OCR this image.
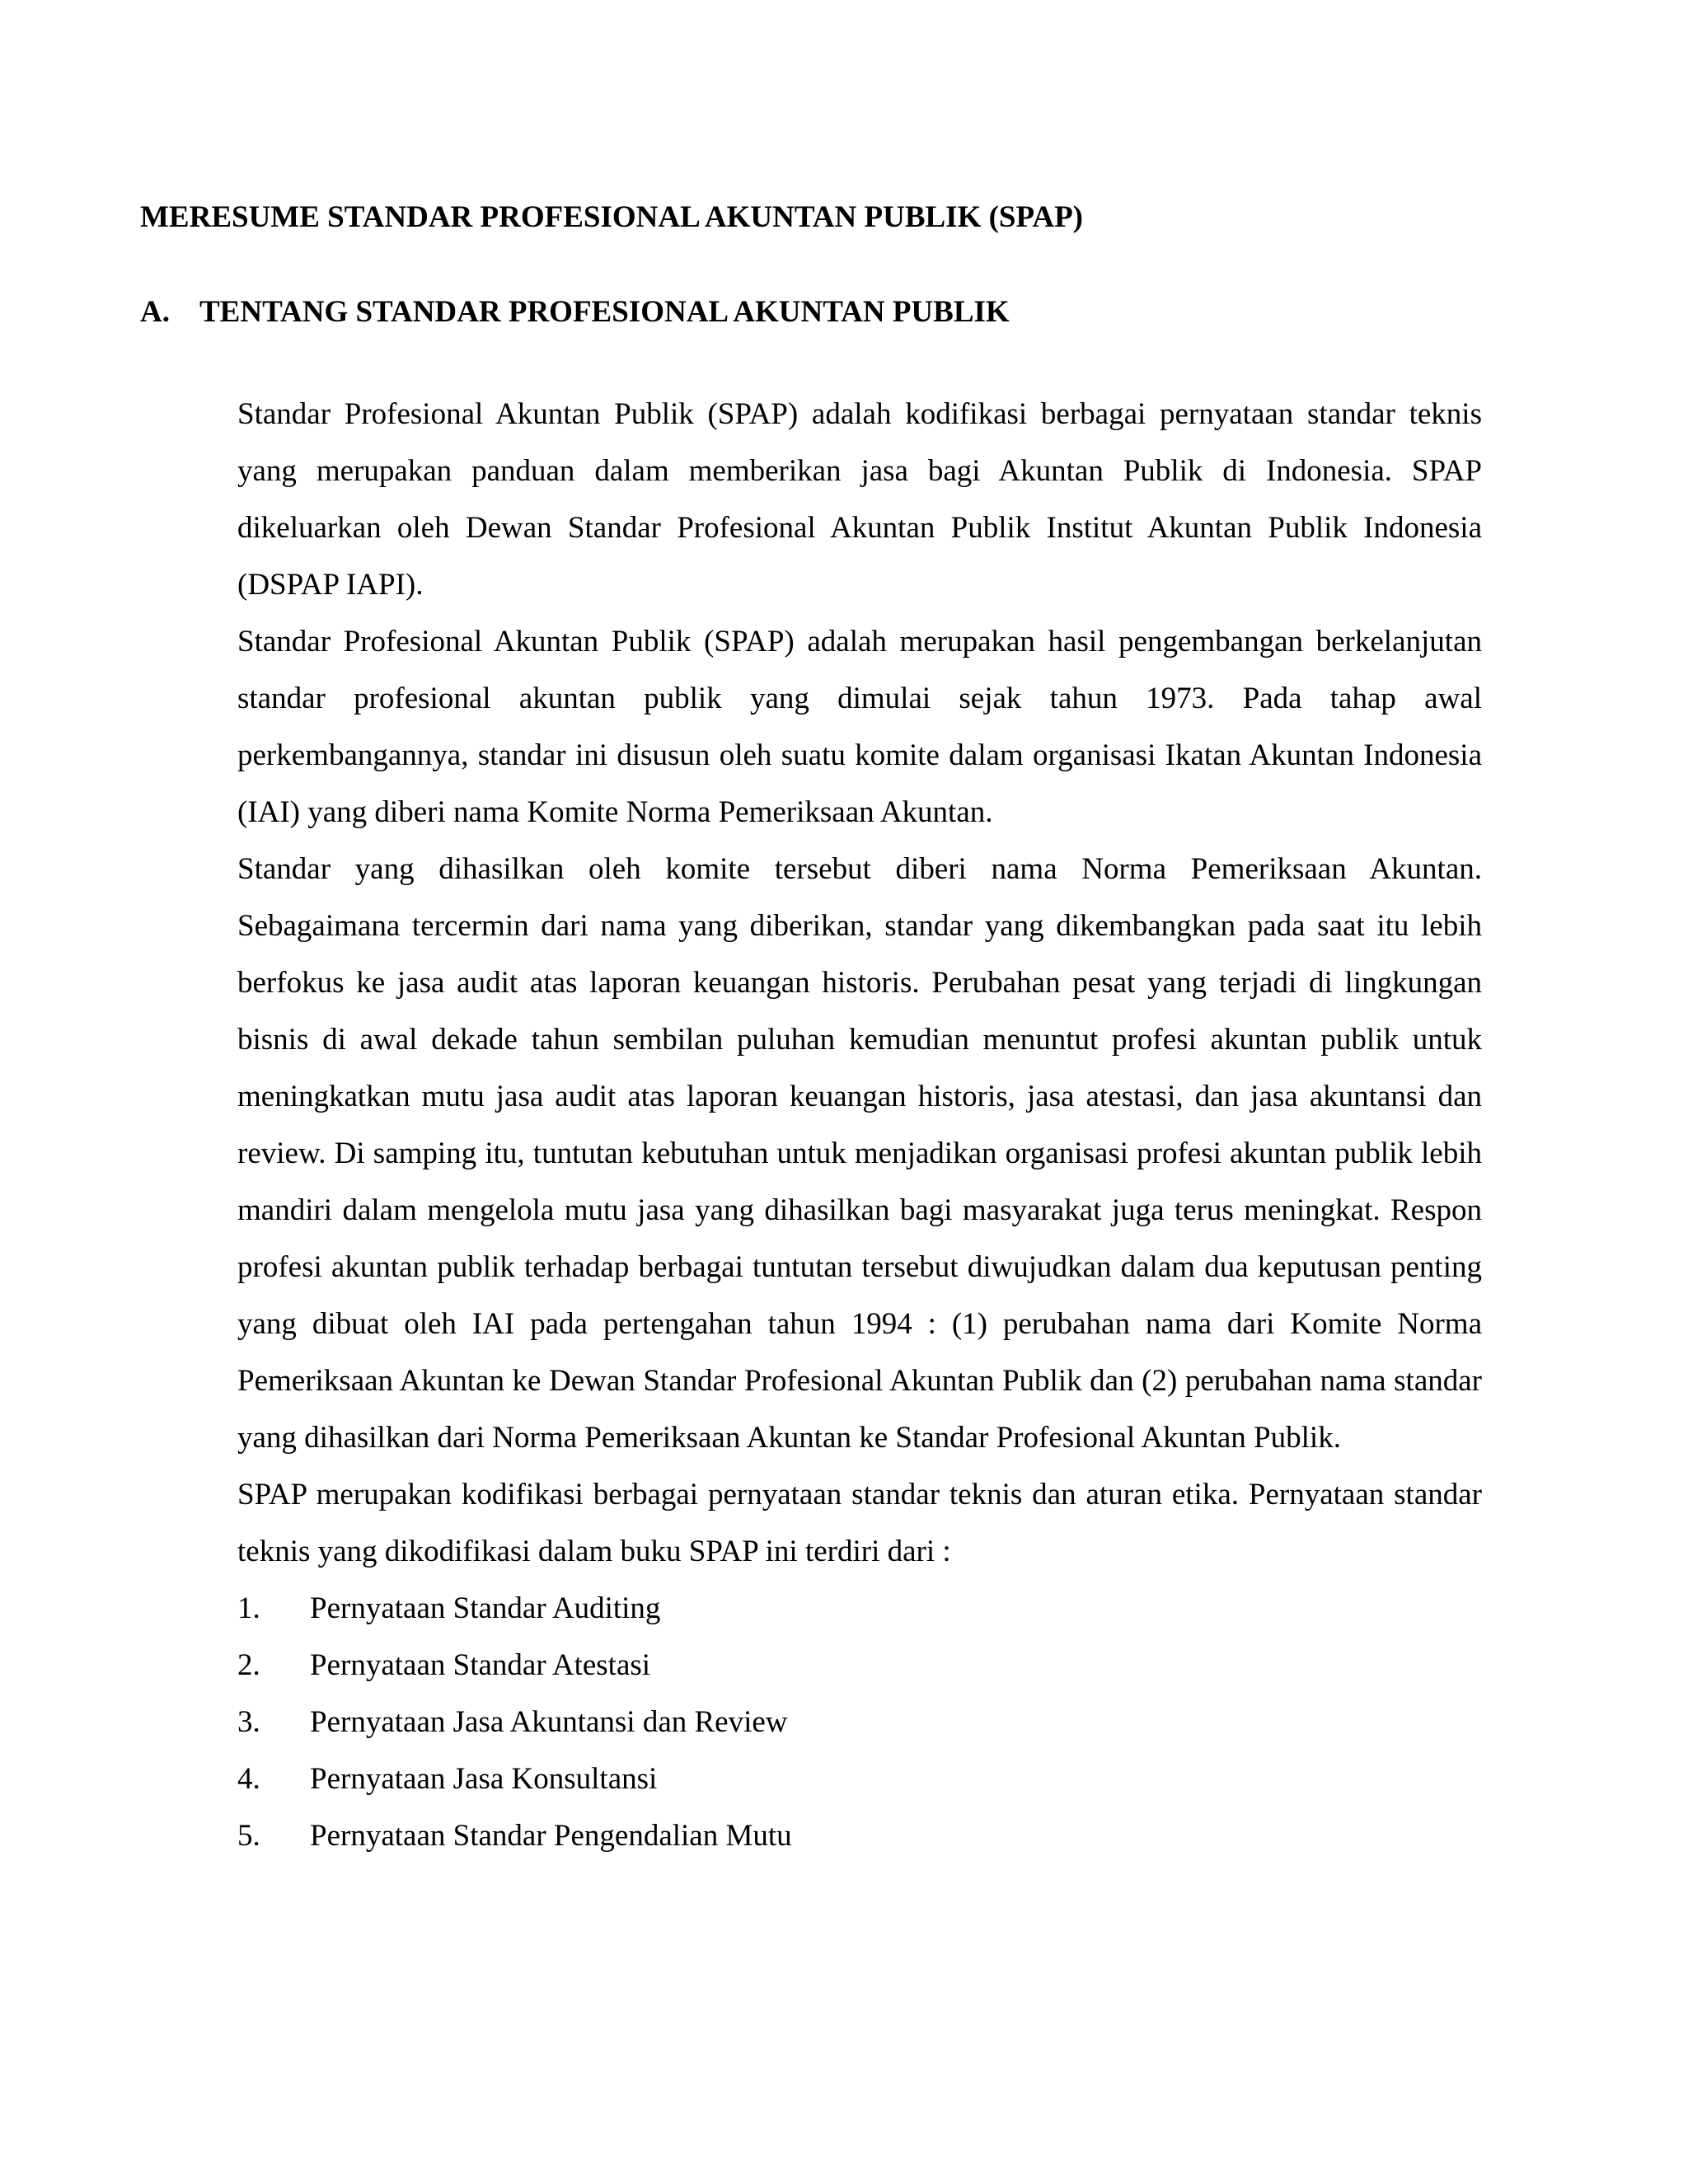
MERESUME STANDAR PROFESIONAL AKUNTAN PUBLIK (SPAP)
A. TENTANG STANDAR PROFESIONAL AKUNTAN PUBLIK

Standar Profesional Akuntan Publik (SPAP) adalah kodifikasi berbagai pernyataan standar teknis yang merupakan panduan dalam memberikan jasa bagi Akuntan Publik di Indonesia. SPAP dikeluarkan oleh Dewan Standar Profesional Akuntan Publik Institut Akuntan Publik Indonesia (DSPAP IAPI).

Standar Profesional Akuntan Publik (SPAP) adalah merupakan hasil pengembangan berkelanjutan standar profesional akuntan publik yang dimulai sejak tahun 1973. Pada tahap awal perkembangannya, standar ini disusun oleh suatu komite dalam organisasi Ikatan Akuntan Indonesia (IAI) yang diberi nama Komite Norma Pemeriksaan Akuntan.

Standar yang dihasilkan oleh komite tersebut diberi nama Norma Pemeriksaan Akuntan. Sebagaimana tercermin dari nama yang diberikan, standar yang dikembangkan pada saat itu lebih berfokus ke jasa audit atas laporan keuangan historis. Perubahan pesat yang terjadi di lingkungan bisnis di awal dekade tahun sembilan puluhan kemudian menuntut profesi akuntan publik untuk meningkatkan mutu jasa audit atas laporan keuangan historis, jasa atestasi, dan jasa akuntansi dan review. Di samping itu, tuntutan kebutuhan untuk menjadikan organisasi profesi akuntan publik lebih mandiri dalam mengelola mutu jasa yang dihasilkan bagi masyarakat juga terus meningkat. Respon profesi akuntan publik terhadap berbagai tuntutan tersebut diwujudkan dalam dua keputusan penting yang dibuat oleh IAI pada pertengahan tahun 1994 : (1) perubahan nama dari Komite Norma Pemeriksaan Akuntan ke Dewan Standar Profesional Akuntan Publik dan (2) perubahan nama standar yang dihasilkan dari Norma Pemeriksaan Akuntan ke Standar Profesional Akuntan Publik.

SPAP merupakan kodifikasi berbagai pernyataan standar teknis dan aturan etika. Pernyataan standar teknis yang dikodifikasi dalam buku SPAP ini terdiri dari :

1.	Pernyataan Standar Auditing
2.	Pernyataan Standar Atestasi
3.	Pernyataan Jasa Akuntansi dan Review
4.	Pernyataan Jasa Konsultansi
5.	Pernyataan Standar Pengendalian Mutu
